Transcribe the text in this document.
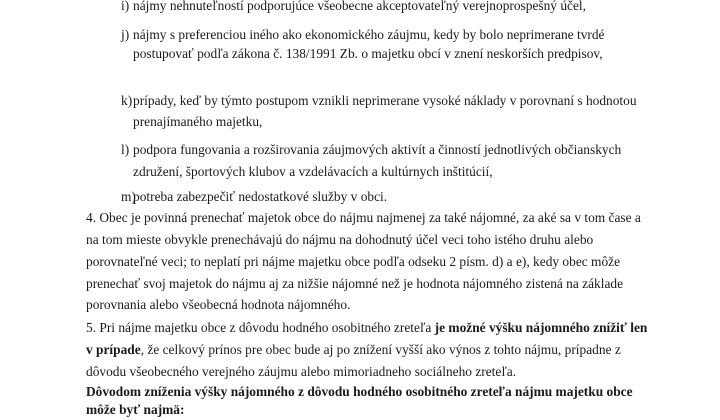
i) nájmy nehnuteľností podporujúce všeobecne akceptovateľný verejnoprospešný účel,
j) nájmy s preferenciou iného ako ekonomického záujmu, kedy by bolo neprimerane tvrdé
postupovať podľa zákona č. 138/1991 Zb. o majetku obcí v znení neskorších predpisov,
k) prípady, keď by týmto postupom vznikli neprimerane vysoké náklady v porovnaní s hodnotou
prenajímaného majetku,
l) podpora fungovania a rozširovania záujmových aktivít a činností jednotlivých občianskych
združení, športových klubov a vzdelávacích a kultúrnych inštitúcií,
m)
potreba zabezpečiť nedostatkové služby v obci.
4. Obec je povinná prenechať majetok obce do nájmu najmenej za také nájomné, za aké sa v tom čase a
na tom mieste obvykle prenechávajú do nájmu na dohodnutý účel veci toho istého druhu alebo
porovnateľné veci; to neplatí pri nájme majetku obce podľa odseku 2 písm. d) a e), kedy obec môže
prenechať svoj majetok do nájmu aj za nižšie nájomné než je hodnota nájomného zistená na základe
porovnania alebo všeobecná hodnota nájomného.
5. Pri nájme majetku obce z dôvodu hodného osobitného zreteľa je možné výšku nájomného znížiť len
v prípade, že celkový prínos pre obec bude aj po znížení vyšší ako výnos z tohto nájmu, prípadne z
dôvodu všeobecného verejného záujmu alebo mimoriadneho sociálneho zreteľa.
Dôvodom zníženia výšky nájomného z dôvodu hodného osobitného zreteľa nájmu majetku obce
môže byť najmä:
